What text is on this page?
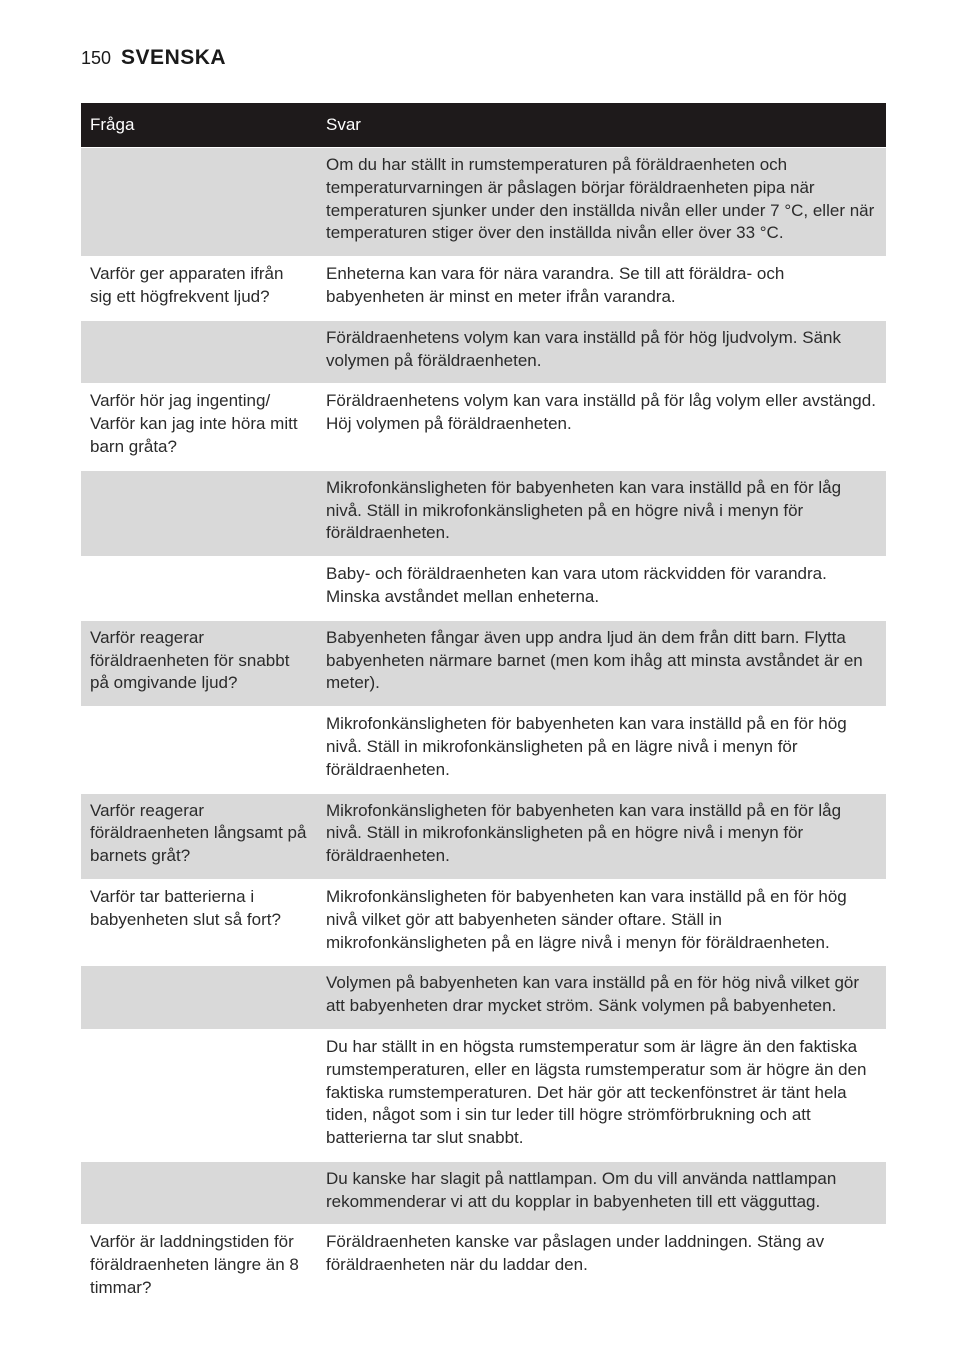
150 SVENSKA
Fråga	Svar
	Om du har ställt in rumstemperaturen på föräldraenheten och temperaturvarningen är påslagen börjar föräldraenheten pipa när temperaturen sjunker under den inställda nivån eller under 7 °C, eller när temperaturen stiger över den inställda nivån eller över 33 °C.
Varför ger apparaten ifrån sig ett högfrekvent ljud?	Enheterna kan vara för nära varandra. Se till att föräldra- och babyenheten är minst en meter ifrån varandra.
	Föräldraenhetens volym kan vara inställd på för hög ljudvolym. Sänk volymen på föräldraenheten.
Varför hör jag ingenting/ Varför kan jag inte höra mitt barn gråta?	Föräldraenhetens volym kan vara inställd på för låg volym eller avstängd. Höj volymen på föräldraenheten.
	Mikrofonkänsligheten för babyenheten kan vara inställd på en för låg nivå. Ställ in mikrofonkänsligheten på en högre nivå i menyn för föräldraenheten.
	Baby- och föräldraenheten kan vara utom räckvidden för varandra. Minska avståndet mellan enheterna.
Varför reagerar föräldraenheten för snabbt på omgivande ljud?	Babyenheten fångar även upp andra ljud än dem från ditt barn. Flytta babyenheten närmare barnet (men kom ihåg att minsta avståndet är en meter).
	Mikrofonkänsligheten för babyenheten kan vara inställd på en för hög nivå. Ställ in mikrofonkänsligheten på en lägre nivå i menyn för föräldraenheten.
Varför reagerar föräldraenheten långsamt på barnets gråt?	Mikrofonkänsligheten för babyenheten kan vara inställd på en för låg nivå. Ställ in mikrofonkänsligheten på en högre nivå i menyn för föräldraenheten.
Varför tar batterierna i babyenheten slut så fort?	Mikrofonkänsligheten för babyenheten kan vara inställd på en för hög nivå vilket gör att babyenheten sänder oftare. Ställ in mikrofonkänsligheten på en lägre nivå i menyn för föräldraenheten.
	Volymen på babyenheten kan vara inställd på en för hög nivå vilket gör att babyenheten drar mycket ström. Sänk volymen på babyenheten.
	Du har ställt in en högsta rumstemperatur som är lägre än den faktiska rumstemperaturen, eller en lägsta rumstemperatur som är högre än den faktiska rumstemperaturen. Det här gör att teckenfönstret är tänt hela tiden, något som i sin tur leder till högre strömförbrukning och att batterierna tar slut snabbt.
	Du kanske har slagit på nattlampan. Om du vill använda nattlampan rekommenderar vi att du kopplar in babyenheten till ett vägguttag.
Varför är laddningstiden för föräldraenheten längre än 8 timmar?	Föräldraenheten kanske var påslagen under laddningen. Stäng av föräldraenheten när du laddar den.
